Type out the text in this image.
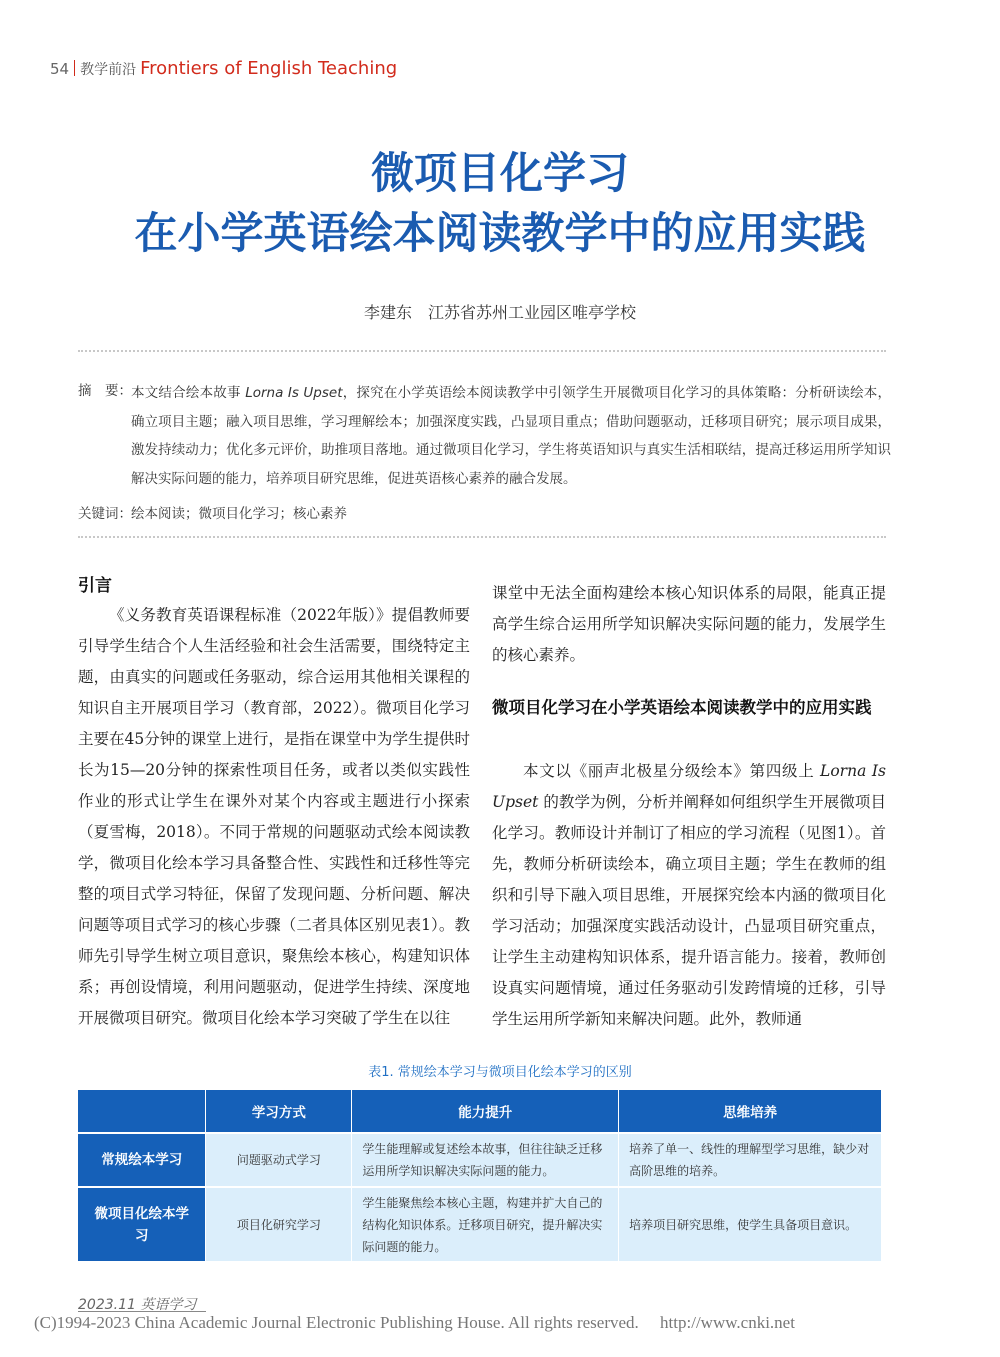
54 教学前沿 Frontiers of English Teaching
微项目化学习
在小学英语绘本阅读教学中的应用实践
李建东　江苏省苏州工业园区唯亭学校
摘　要： 本文结合绘本故事 Lorna Is Upset，探究在小学英语绘本阅读教学中引领学生开展微项目化学习的具体策略：分析研读绘本，确立项目主题；融入项目思维，学习理解绘本；加强深度实践，凸显项目重点；借助问题驱动，迁移项目研究；展示项目成果，激发持续动力；优化多元评价，助推项目落地。通过微项目化学习，学生将英语知识与真实生活相联结，提高迁移运用所学知识解决实际问题的能力，培养项目研究思维，促进英语核心素养的融合发展。
关键词： 绘本阅读；微项目化学习；核心素养
引言

《义务教育英语课程标准（2022年版）》提倡教师要引导学生结合个人生活经验和社会生活需要，围绕特定主题，由真实的问题或任务驱动，综合运用其他相关课程的知识自主开展项目学习（教育部，2022）。微项目化学习主要在45分钟的课堂上进行，是指在课堂中为学生提供时长为15—20分钟的探索性项目任务，或者以类似实践性作业的形式让学生在课外对某个内容或主题进行小探索（夏雪梅，2018）。不同于常规的问题驱动式绘本阅读教学，微项目化绘本学习具备整合性、实践性和迁移性等完整的项目式学习特征，保留了发现问题、分析问题、解决问题等项目式学习的核心步骤（二者具体区别见表1）。教师先引导学生树立项目意识，聚焦绘本核心，构建知识体系；再创设情境，利用问题驱动，促进学生持续、深度地开展微项目研究。微项目化绘本学习突破了学生在以往

课堂中无法全面构建绘本核心知识体系的局限，能真正提高学生综合运用所学知识解决实际问题的能力，发展学生的核心素养。

微项目化学习在小学英语绘本阅读教学中的应用实践

本文以《丽声北极星分级绘本》第四级上 Lorna Is Upset 的教学为例，分析并阐释如何组织学生开展微项目化学习。教师设计并制订了相应的学习流程（见图1）。首先，教师分析研读绘本，确立项目主题；学生在教师的组织和引导下融入项目思维，开展探究绘本内涵的微项目化学习活动；加强深度实践活动设计，凸显项目研究重点，让学生主动建构知识体系，提升语言能力。接着，教师创设真实问题情境，通过任务驱动引发跨情境的迁移，引导学生运用所学新知来解决问题。此外，教师通

表1. 常规绘本学习与微项目化绘本学习的区别
	学习方式	能力提升	思维培养
常规绘本学习	问题驱动式学习	学生能理解或复述绘本故事，但往往缺乏迁移运用所学知识解决实际问题的能力。	培养了单一、线性的理解型学习思维，缺少对高阶思维的培养。
微项目化绘本学习	项目化研究学习	学生能聚焦绘本核心主题，构建并扩大自己的结构化知识体系。迁移项目研究，提升解决实际问题的能力。	培养项目研究思维，使学生具备项目意识。
2023.11 英语学习
(C)1994-2023 China Academic Journal Electronic Publishing House. All rights reserved.　 http://www.cnki.net
